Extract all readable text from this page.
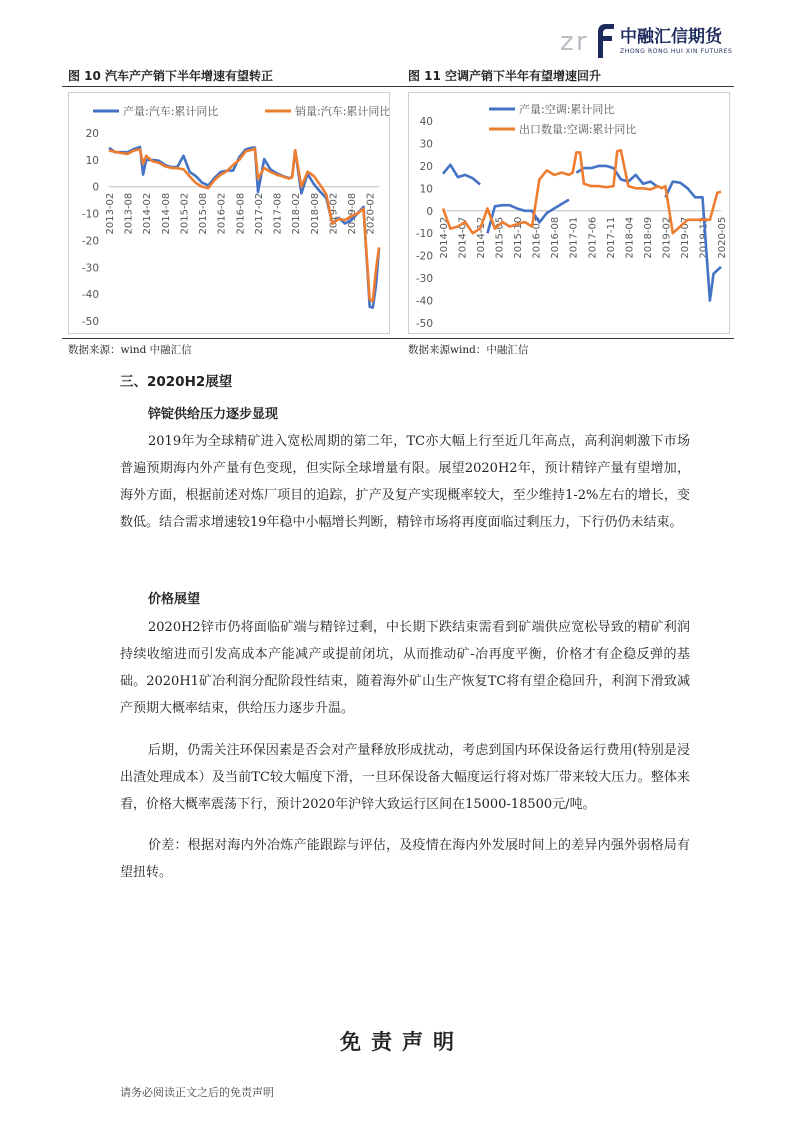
z r 中融汇信期货
ZHONG RONG HUI XIN FUTURES
图 10 汽车产产销下半年增速有望转正	图 11 空调产销下半年有望增速回升
20
10
0
-10
-20
-30
-40
-50
2013-02 2013-08 2014-02 2014-08 2015-02 2015-08 2016-02 2016-08 2017-02 2017-08 2018-02 2018-08 2019-02 2019-08 2020-02
产量:汽车:累计同比	销量:汽车:累计同比
40
30
20
10
0
-10
-20
-30
-40
-50
2014-02 2014-07 2014-12 2015-05 2015-10 2016-03 2016-08 2017-01 2017-06 2017-11 2018-04 2018-09 2019-02 2019-07 2019-12 2020-05
产量:空调:累计同比
出口数量:空调:累计同比
数据来源：wind 中融汇信	数据来源wind：中融汇信
三、2020H2展望
锌锭供给压力逐步显现
2019年为全球精矿进入宽松周期的第二年，TC亦大幅上行至近几年高点，高利润刺激下市场普遍预期海内外产量有色变现，但实际全球增量有限。展望2020H2年，预计精锌产量有望增加，海外方面，根据前述对炼厂项目的追踪，扩产及复产实现概率较大，至少维持1-2%左右的增长，变数低。结合需求增速较19年稳中小幅增长判断，精锌市场将再度面临过剩压力，下行仍仍未结束。
价格展望
2020H2锌市仍将面临矿端与精锌过剩，中长期下跌结束需看到矿端供应宽松导致的精矿利润持续收缩进而引发高成本产能减产或提前闭坑，从而推动矿-冶再度平衡，价格才有企稳反弹的基础。2020H1矿冶利润分配阶段性结束，随着海外矿山生产恢复TC将有望企稳回升，利润下滑致减产预期大概率结束，供给压力逐步升温。
后期，仍需关注环保因素是否会对产量释放形成扰动，考虑到国内环保设备运行费用(特别是浸出渣处理成本）及当前TC较大幅度下滑，一旦环保设备大幅度运行将对炼厂带来较大压力。整体来看，价格大概率震荡下行，预计2020年沪锌大致运行区间在15000-18500元/吨。
价差：根据对海内外冶炼产能跟踪与评估，及疫情在海内外发展时间上的差异内强外弱格局有望扭转。
免责声明
请务必阅读正文之后的免责声明
